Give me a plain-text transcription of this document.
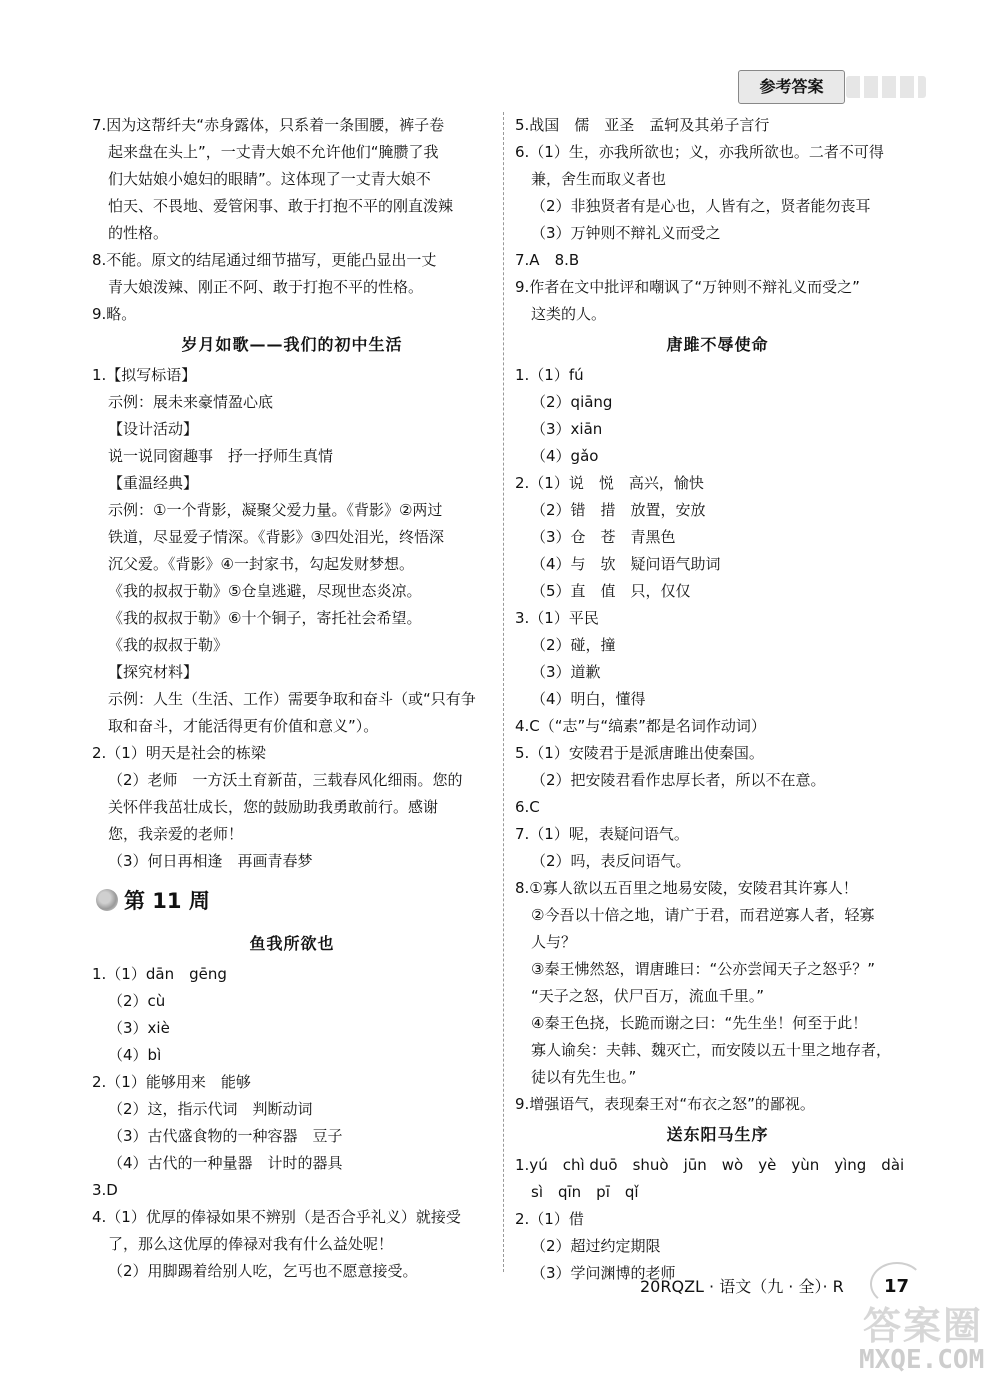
参考答案
7.因为这帮纤夫“赤身露体，只系着一条围腰，裤子卷
起来盘在头上”，一丈青大娘不允许他们“腌臜了我
们大姑娘小媳妇的眼睛”。这体现了一丈青大娘不
怕天、不畏地、爱管闲事、敢于打抱不平的刚直泼辣
的性格。
8.不能。原文的结尾通过细节描写，更能凸显出一丈
青大娘泼辣、刚正不阿、敢于打抱不平的性格。
9.略。
岁月如歌——我们的初中生活
1.【拟写标语】
示例：展未来豪情盈心底
【设计活动】
说一说同窗趣事　抒一抒师生真情
【重温经典】
示例：①一个背影，凝聚父爱力量。《背影》②两过
铁道，尽显爱子情深。《背影》③四处泪光，终悟深
沉父爱。《背影》④一封家书，勾起发财梦想。
《我的叔叔于勒》⑤仓皇逃避，尽现世态炎凉。
《我的叔叔于勒》⑥十个铜子，寄托社会希望。
《我的叔叔于勒》
【探究材料】
示例：人生（生活、工作）需要争取和奋斗（或“只有争
取和奋斗，才能活得更有价值和意义”）。
2.（1）明天是社会的栋梁
（2）老师　一方沃土育新苗，三载春风化细雨。您的
关怀伴我茁壮成长，您的鼓励助我勇敢前行。感谢
您，我亲爱的老师！
（3）何日再相逢　再画青春梦
第 11 周
鱼我所欲也
1.（1）dān　gēng
（2）cù
（3）xiè
（4）bì
2.（1）能够用来　能够
（2）这，指示代词　判断动词
（3）古代盛食物的一种容器　豆子
（4）古代的一种量器　计时的器具
3.D
4.（1）优厚的俸禄如果不辨别（是否合乎礼义）就接受
了，那么这优厚的俸禄对我有什么益处呢！
（2）用脚踢着给别人吃，乞丐也不愿意接受。
5.战国　儒　亚圣　孟轲及其弟子言行
6.（1）生，亦我所欲也；义，亦我所欲也。二者不可得
兼，舍生而取义者也
（2）非独贤者有是心也，人皆有之，贤者能勿丧耳
（3）万钟则不辩礼义而受之
7.A　8.B
9.作者在文中批评和嘲讽了“万钟则不辩礼义而受之”
这类的人。
唐雎不辱使命
1.（1）fú
（2）qiāng
（3）xiān
（4）gǎo
2.（1）说　悦　高兴，愉快
（2）错　措　放置，安放
（3）仓　苍　青黑色
（4）与　欤　疑问语气助词
（5）直　值　只，仅仅
3.（1）平民
（2）碰，撞
（3）道歉
（4）明白，懂得
4.C（“志”与“缟素”都是名词作动词）
5.（1）安陵君于是派唐雎出使秦国。
（2）把安陵君看作忠厚长者，所以不在意。
6.C
7.（1）呢，表疑问语气。
（2）吗，表反问语气。
8.①寡人欲以五百里之地易安陵，安陵君其许寡人！
②今吾以十倍之地，请广于君，而君逆寡人者，轻寡
人与？
③秦王怫然怒，谓唐雎曰：“公亦尝闻天子之怒乎？”
“天子之怒，伏尸百万，流血千里。”
④秦王色挠，长跪而谢之曰：“先生坐！何至于此！
寡人谕矣：夫韩、魏灭亡，而安陵以五十里之地存者，
徒以有先生也。”
9.增强语气，表现秦王对“布衣之怒”的鄙视。
送东阳马生序
1.yú　chì duō　shuò　jūn　wò　yè　yùn　yìng　dài
sì　qīn　pī　qǐ
2.（1）借
（2）超过约定期限
（3）学问渊博的老师
20RQZL · 语文（九 · 全）· R 17
答案圈
MXQE.COM
